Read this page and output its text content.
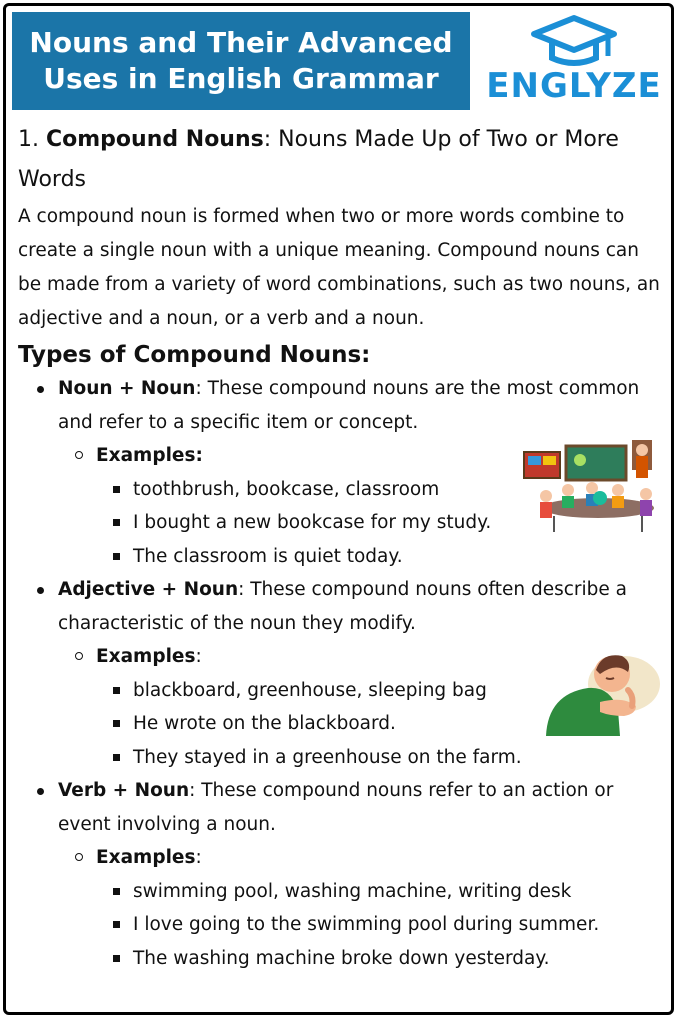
Nouns and Their Advanced Uses in English Grammar	ENGLYZE

1. Compound Nouns: Nouns Made Up of Two or More Words

A compound noun is formed when two or more words combine to create a single noun with a unique meaning. Compound nouns can be made from a variety of word combinations, such as two nouns, an adjective and a noun, or a verb and a noun.

Types of Compound Nouns:

Noun + Noun: These compound nouns are the most common and refer to a specific item or concept.
Examples:
toothbrush, bookcase, classroom
I bought a new bookcase for my study.
The classroom is quiet today.
Adjective + Noun: These compound nouns often describe a characteristic of the noun they modify.
Examples:
blackboard, greenhouse, sleeping bag
He wrote on the blackboard.
They stayed in a greenhouse on the farm.
Verb + Noun: These compound nouns refer to an action or event involving a noun.
Examples:
swimming pool, washing machine, writing desk
I love going to the swimming pool during summer.
The washing machine broke down yesterday.
